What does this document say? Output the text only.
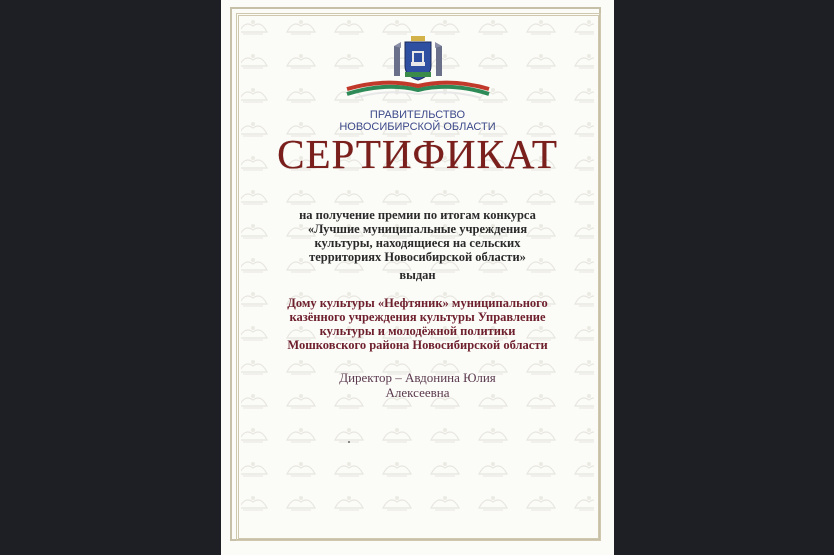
ПРАВИТЕЛЬСТВО
НОВОСИБИРСКОЙ ОБЛАСТИ
СЕРТИФИКАТ
на получение премии по итогам конкурса
«Лучшие муниципальные учреждения
культуры, находящиеся на сельских
территориях Новосибирской области»
выдан
Дому культуры «Нефтяник» муниципального
казённого учреждения культуры Управление
культуры и молодёжной политики
Мошковского района Новосибирской области
Директор – Авдонина Юлия
Алексеевна
